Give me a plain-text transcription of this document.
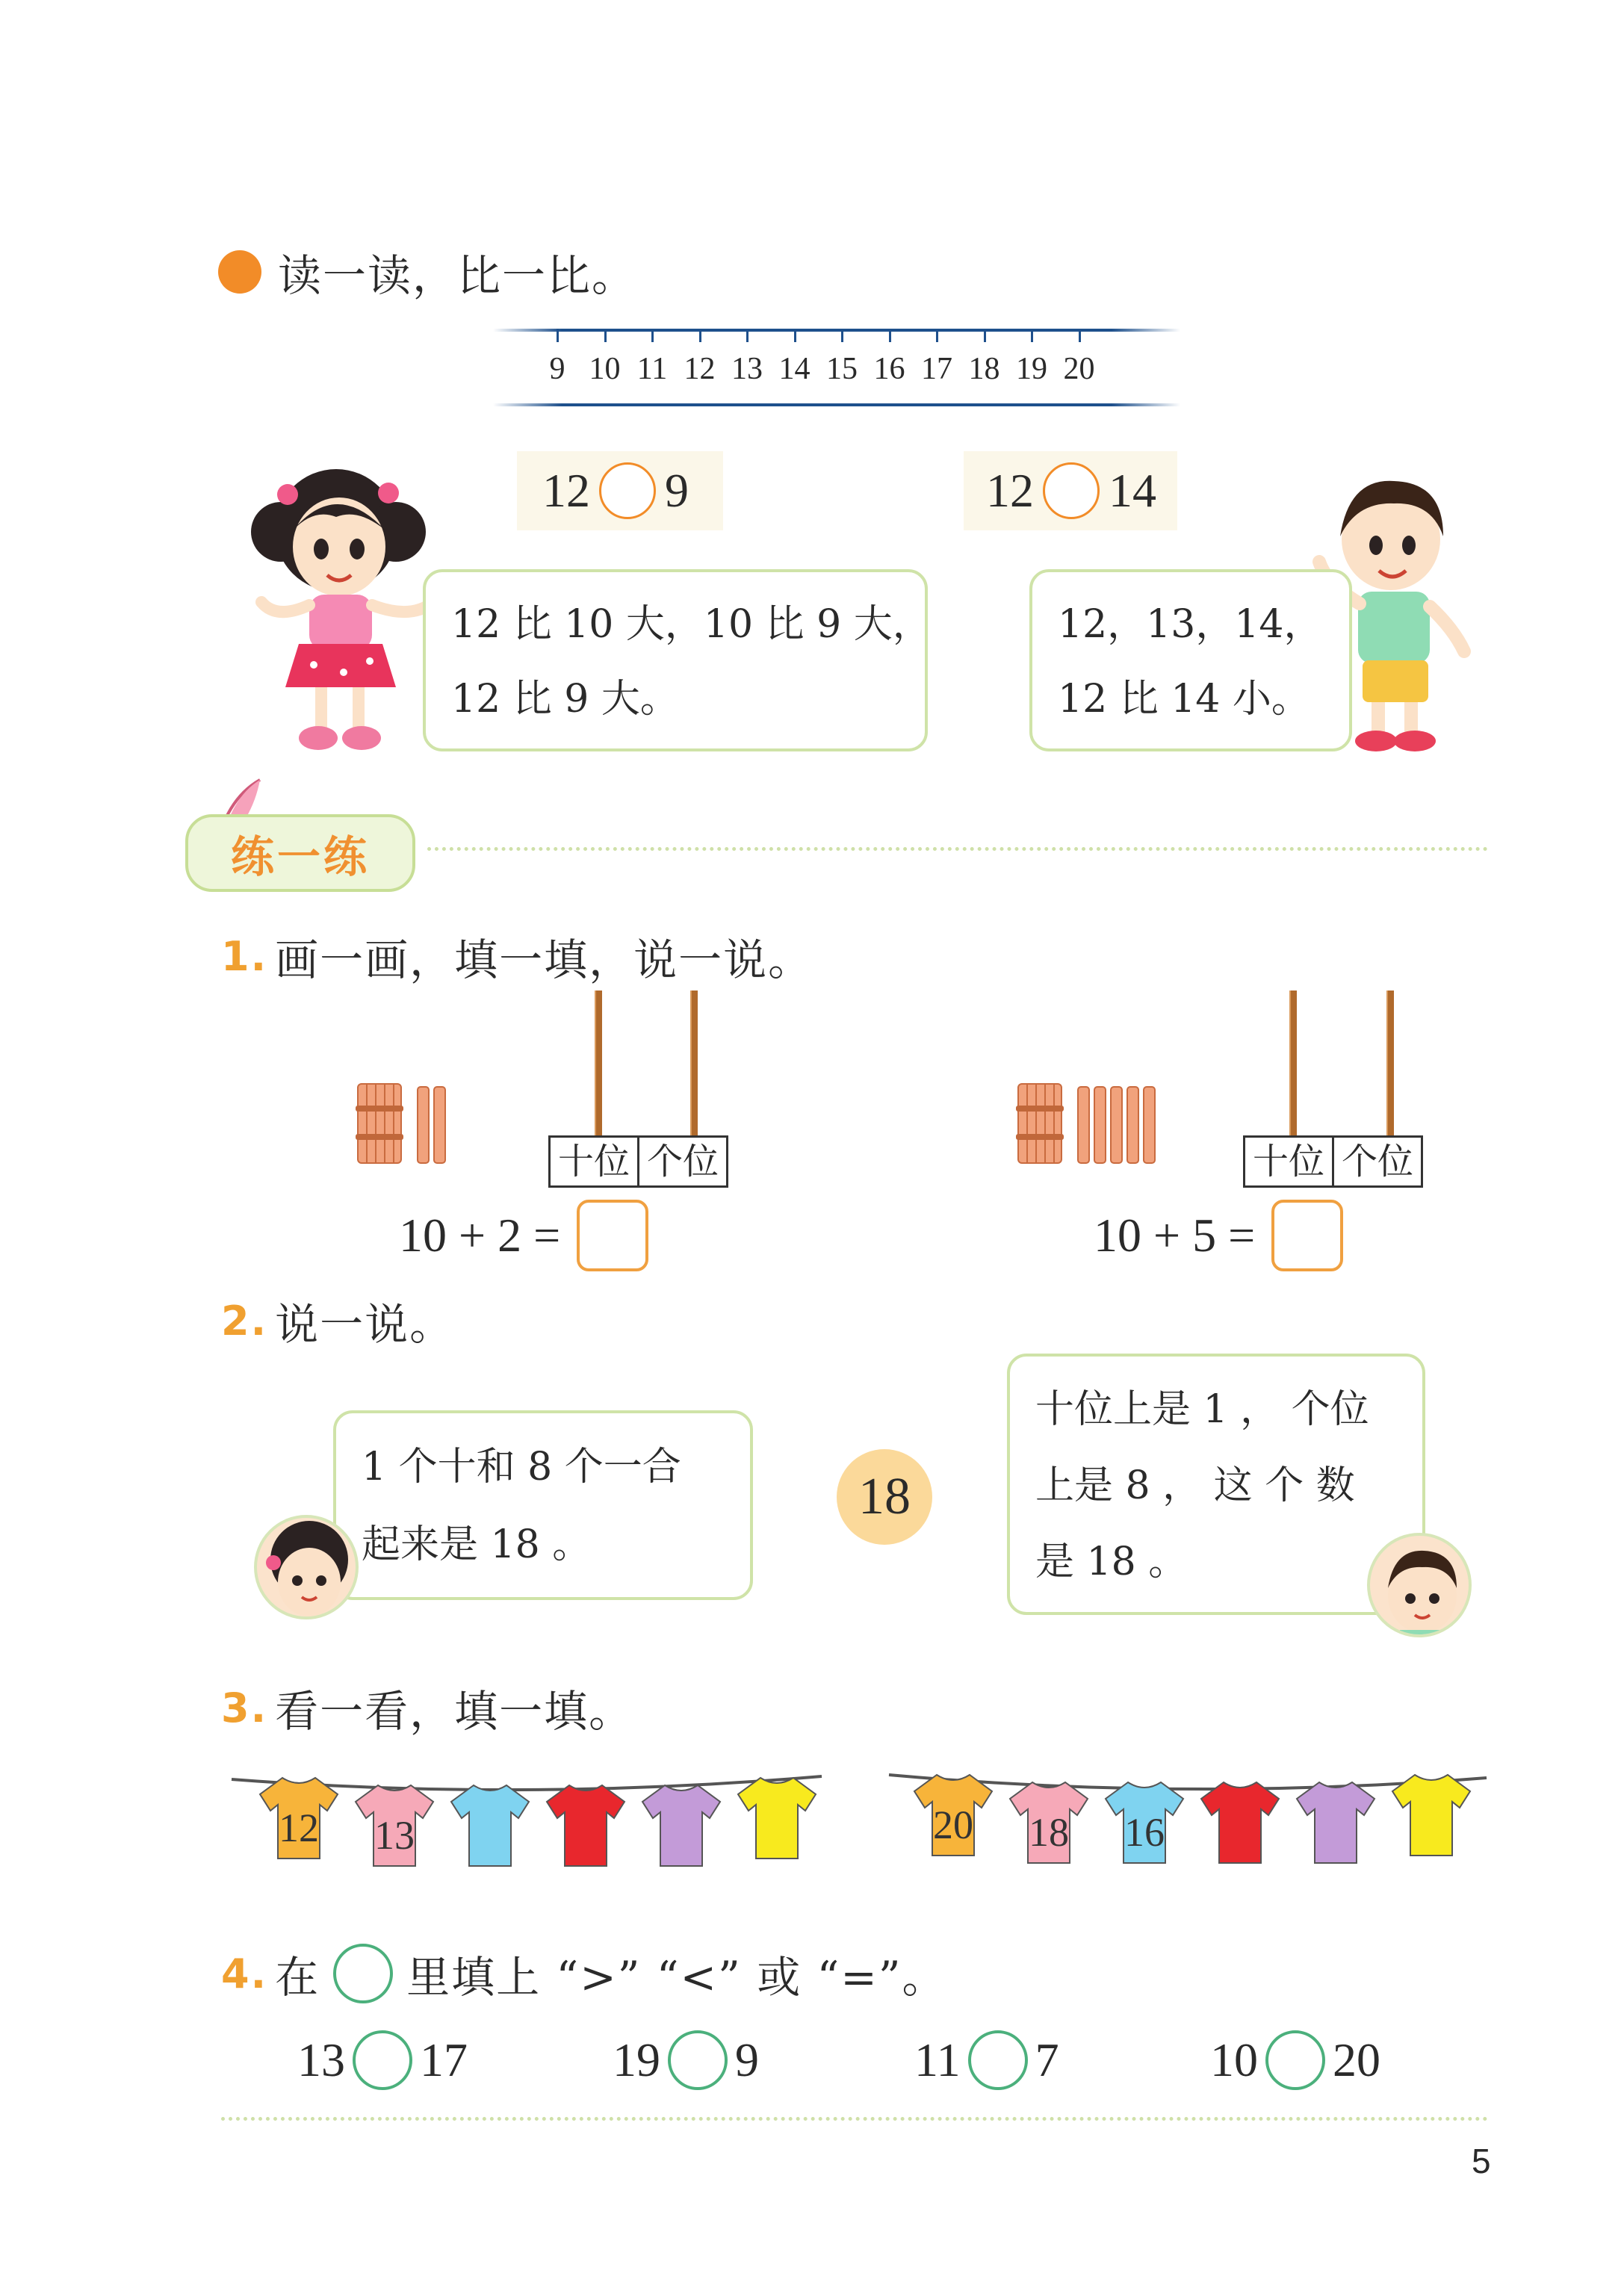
读一读，比一比。
9 10 11 12 13 14 15 16 17 18 19 20
12 9	12 14
12 比 10 大，10 比 9 大，
12 比 9 大。
12，13，14，
12 比 14 小。
练一练
1. 画一画，填一填，说一说。
十位 个位
10 + 2 =
十位 个位
10 + 5 =
2. 说一说。
1 个十和 8 个一合
起来是 18 。
18
十位上是 1 ， 个位
上是 8 ， 这 个 数
是 18 。
3. 看一看，填一填。
12	13	20	18	16
4. 在 里填上 “>” “<” 或 “=”。
13 17	19 9	11 7	10 20
5
